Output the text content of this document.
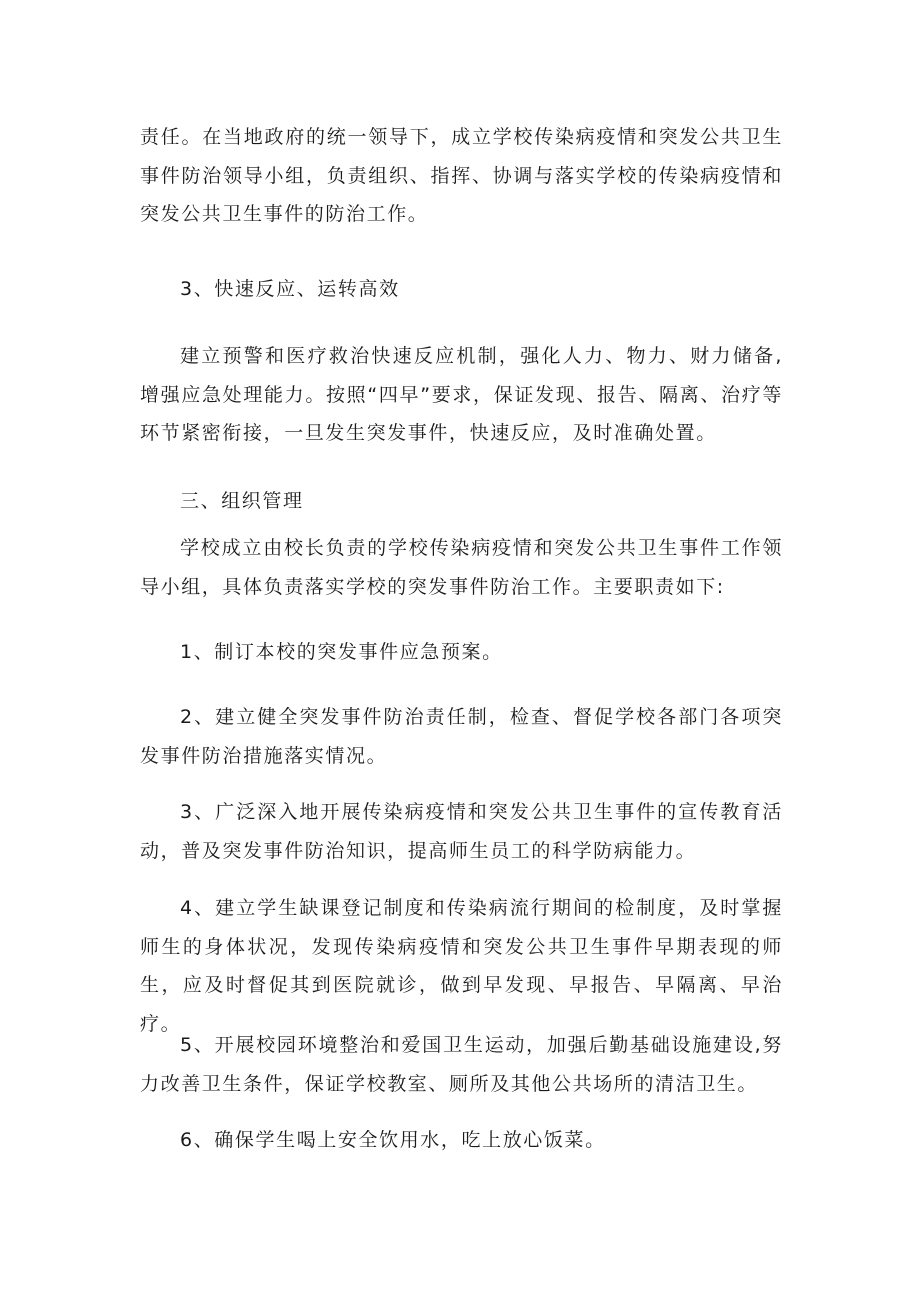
责任。在当地政府的统一领导下，成立学校传染病疫情和突发公共卫生事件防治领导小组，负责组织、指挥、协调与落实学校的传染病疫情和突发公共卫生事件的防治工作。

3、快速反应、运转高效

建立预警和医疗救治快速反应机制，强化人力、物力、财力储备,增强应急处理能力。按照“四早”要求，保证发现、报告、隔离、治疗等环节紧密衔接，一旦发生突发事件，快速反应，及时准确处置。

三、组织管理

学校成立由校长负责的学校传染病疫情和突发公共卫生事件工作领导小组，具体负责落实学校的突发事件防治工作。主要职责如下:

1、制订本校的突发事件应急预案。

2、建立健全突发事件防治责任制，检查、督促学校各部门各项突发事件防治措施落实情况。

3、广泛深入地开展传染病疫情和突发公共卫生事件的宣传教育活动，普及突发事件防治知识，提高师生员工的科学防病能力。

4、建立学生缺课登记制度和传染病流行期间的检制度，及时掌握师生的身体状况，发现传染病疫情和突发公共卫生事件早期表现的师生，应及时督促其到医院就诊，做到早发现、早报告、早隔离、早治疗。

5、开展校园环境整治和爱国卫生运动，加强后勤基础设施建设,努力改善卫生条件，保证学校教室、厕所及其他公共场所的清洁卫生。

6、确保学生喝上安全饮用水，吃上放心饭菜。
